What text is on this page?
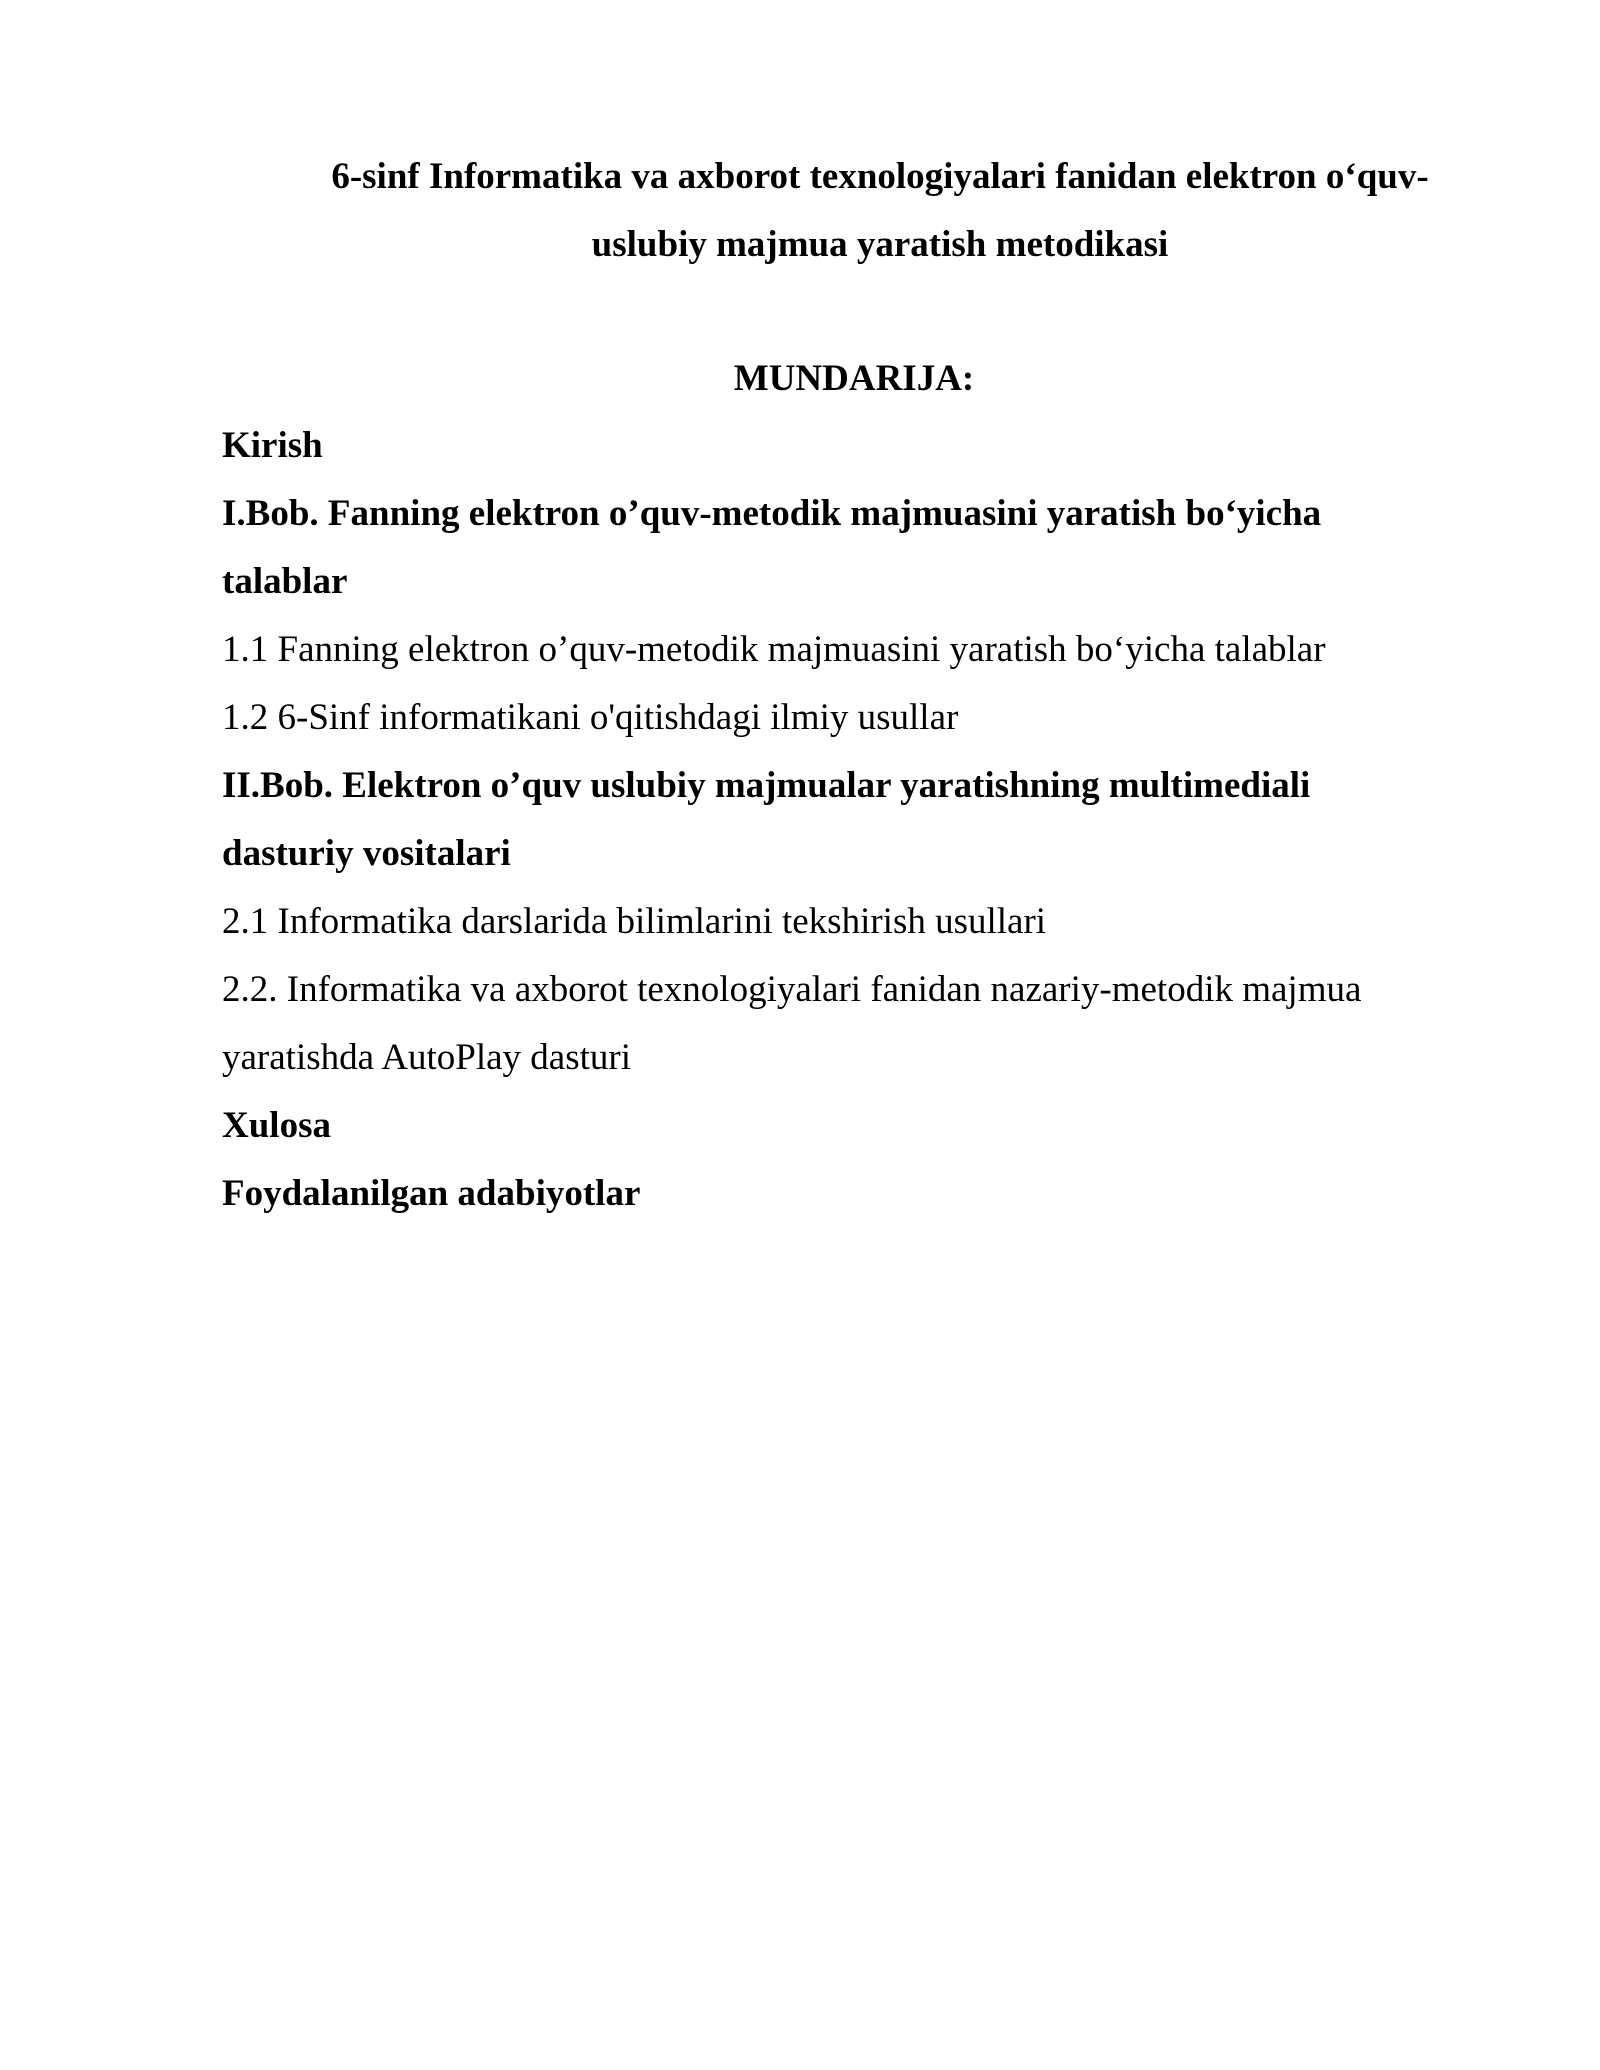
6-sinf Informatika va axborot texnologiyalari fanidan elektron o‘quv-
uslubiy majmua yaratish metodikasi
MUNDARIJA:
Kirish
I.Bob. Fanning elektron o’quv-metodik majmuasini yaratish bo‘yicha
talablar
1.1 Fanning elektron o’quv-metodik majmuasini yaratish bo‘yicha talablar
1.2 6-Sinf informatikani o'qitishdagi ilmiy usullar
II.Bob. Elektron o’quv uslubiy majmualar yaratishning multimediali
dasturiy vositalari
2.1 Informatika darslarida bilimlarini tekshirish usullari
2.2. Informatika va axborot texnologiyalari fanidan nazariy-metodik majmua
yaratishda AutoPlay dasturi
Xulosa
Foydalanilgan adabiyotlar
